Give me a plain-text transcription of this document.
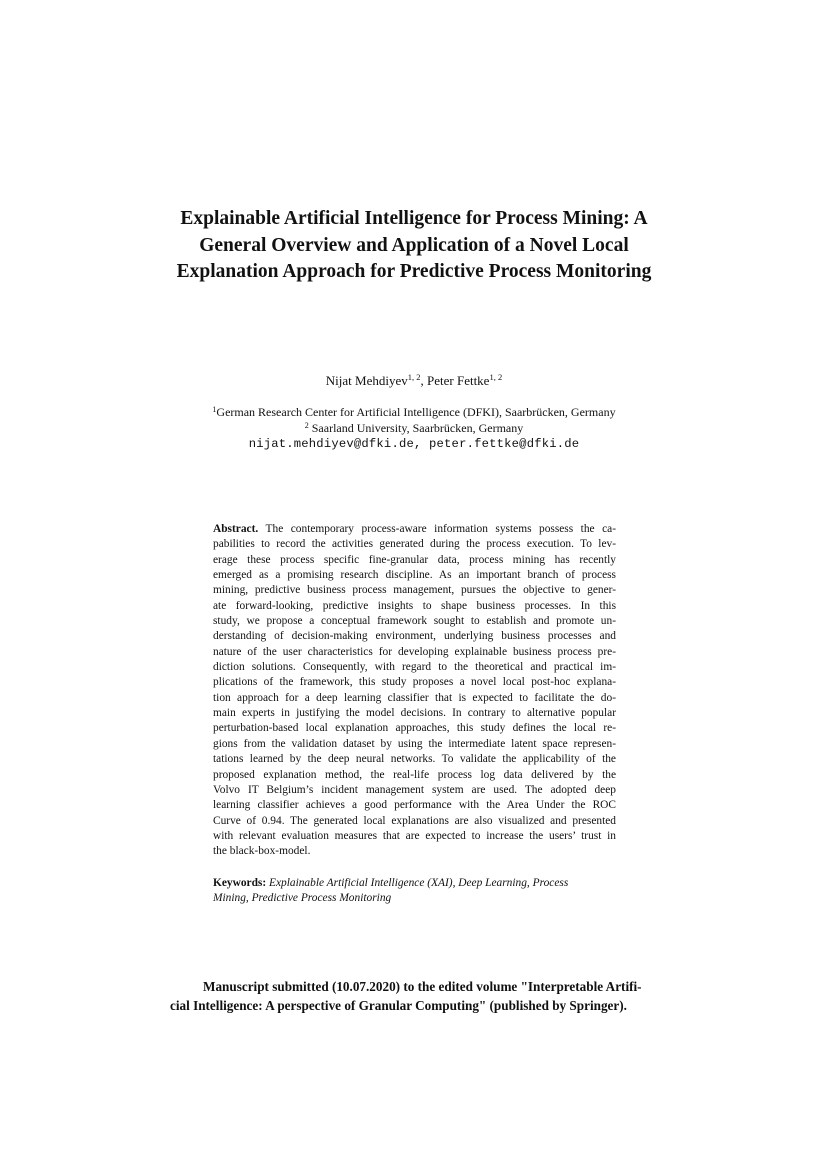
Explainable Artificial Intelligence for Process Mining: A
General Overview and Application of a Novel Local
Explanation Approach for Predictive Process Monitoring
Nijat Mehdiyev$^{1, 2}$, Peter Fettke$^{1, 2}$
$^1$German Research Center for Artificial Intelligence (DFKI), Saarbrücken, Germany
$^2$ Saarland University, Saarbrücken, Germany
nijat.mehdiyev@dfki.de, peter.fettke@dfki.de
Abstract. The contemporary process-aware information systems possess the ca-
pabilities to record the activities generated during the process execution. To lev-
erage these process specific fine-granular data, process mining has recently
emerged as a promising research discipline. As an important branch of process
mining, predictive business process management, pursues the objective to gener-
ate forward-looking, predictive insights to shape business processes. In this
study, we propose a conceptual framework sought to establish and promote un-
derstanding of decision-making environment, underlying business processes and
nature of the user characteristics for developing explainable business process pre-
diction solutions. Consequently, with regard to the theoretical and practical im-
plications of the framework, this study proposes a novel local post-hoc explana-
tion approach for a deep learning classifier that is expected to facilitate the do-
main experts in justifying the model decisions. In contrary to alternative popular
perturbation-based local explanation approaches, this study defines the local re-
gions from the validation dataset by using the intermediate latent space represen-
tations learned by the deep neural networks. To validate the applicability of the
proposed explanation method, the real-life process log data delivered by the
Volvo IT Belgium’s incident management system are used. The adopted deep
learning classifier achieves a good performance with the Area Under the ROC
Curve of 0.94. The generated local explanations are also visualized and presented
with relevant evaluation measures that are expected to increase the users’ trust in
the black-box-model.
Keywords: Explainable Artificial Intelligence (XAI), Deep Learning, Process
Mining, Predictive Process Monitoring
Manuscript submitted (10.07.2020) to the edited volume "Interpretable Artifi-
cial Intelligence: A perspective of Granular Computing" (published by Springer).
